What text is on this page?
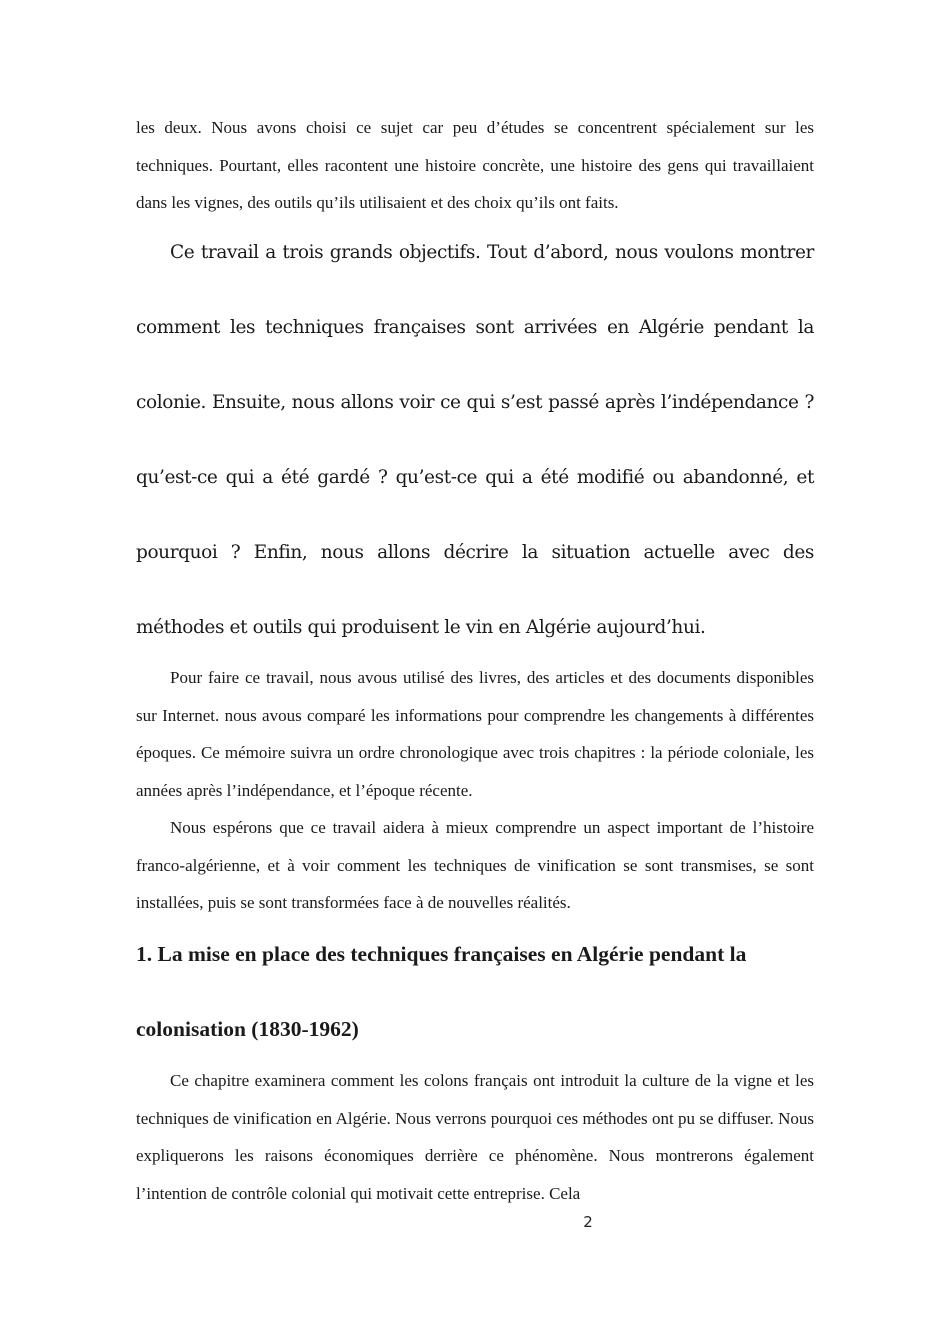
les deux. Nous avons choisi ce sujet car peu d’études se concentrent spécialement sur les techniques. Pourtant, elles racontent une histoire concrète, une histoire des gens qui travaillaient dans les vignes, des outils qu’ils utilisaient et des choix qu’ils ont faits.

Ce travail a trois grands objectifs. Tout d’abord, nous voulons montrer comment les techniques françaises sont arrivées en Algérie pendant la colonie. Ensuite, nous allons voir ce qui s’est passé après l’indépendance ? qu’est-ce qui a été gardé ? qu’est-ce qui a été modifié ou abandonné, et pourquoi ? Enfin, nous allons décrire la situation actuelle avec des méthodes et outils qui produisent le vin en Algérie aujourd’hui.

Pour faire ce travail, nous avous utilisé des livres, des articles et des documents disponibles sur Internet. nous avous comparé les informations pour comprendre les changements à différentes époques. Ce mémoire suivra un ordre chronologique avec trois chapitres : la période coloniale, les années après l’indépendance, et l’époque récente.

Nous espérons que ce travail aidera à mieux comprendre un aspect important de l’histoire franco-algérienne, et à voir comment les techniques de vinification se sont transmises, se sont installées, puis se sont transformées face à de nouvelles réalités.

1. La mise en place des techniques françaises en Algérie pendant la
colonisation (1830-1962)

Ce chapitre examinera comment les colons français ont introduit la culture de la vigne et les techniques de vinification en Algérie. Nous verrons pourquoi ces méthodes ont pu se diffuser. Nous expliquerons les raisons économiques derrière ce phénomène. Nous montrerons également l’intention de contrôle colonial qui motivait cette entreprise. Cela

2
